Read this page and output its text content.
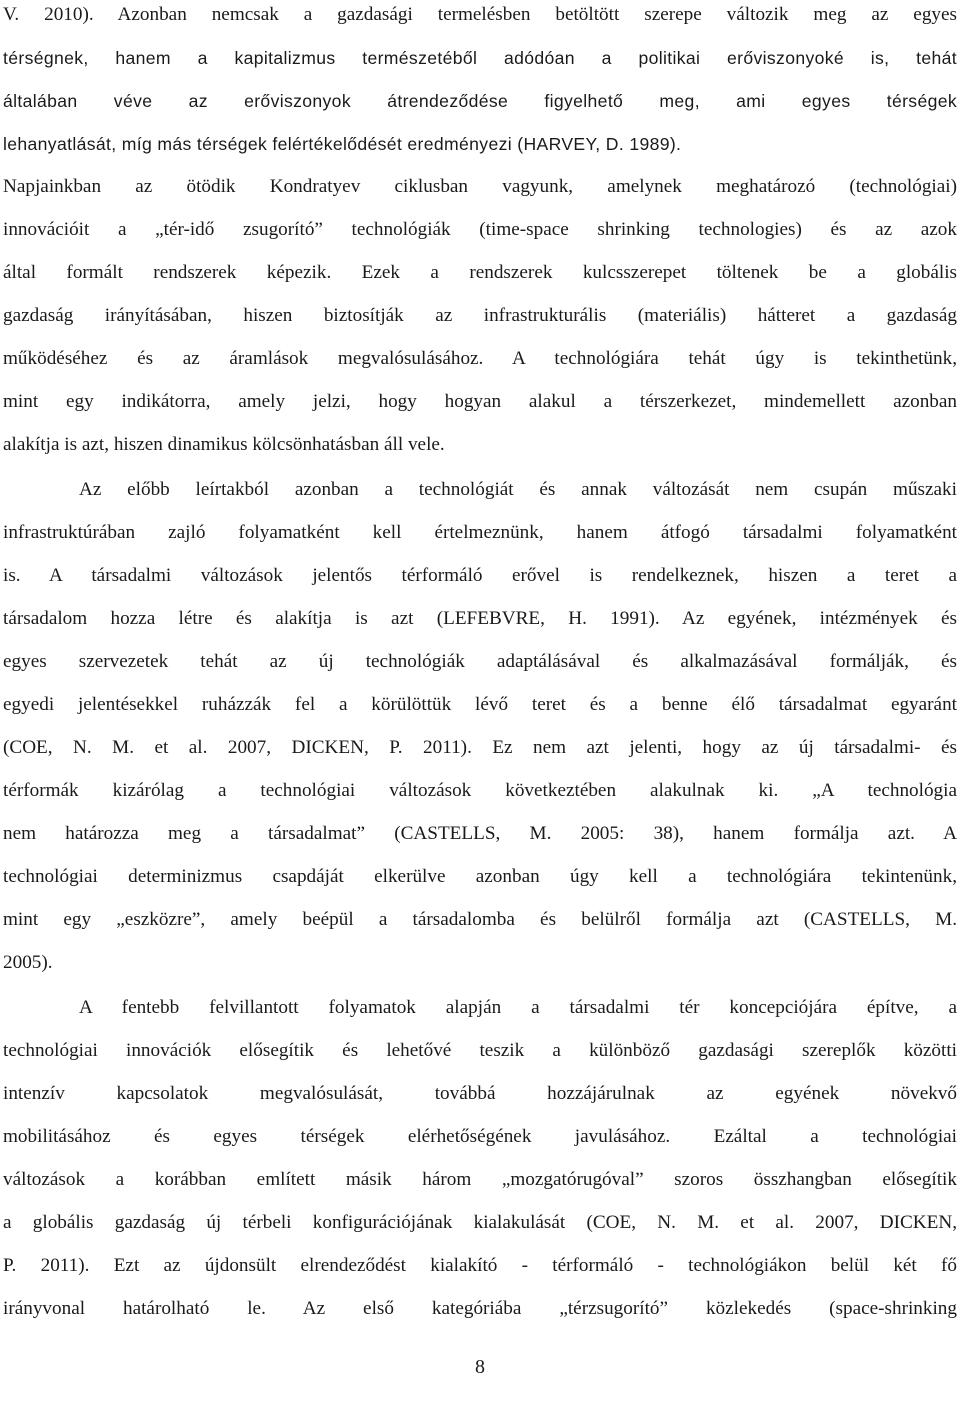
V. 2010). Azonban nemcsak a gazdasági termelésben betöltött szerepe változik meg az egyes
térségnek, hanem a kapitalizmus természetéből adódóan a politikai erőviszonyoké is, tehát
általában véve az erőviszonyok átrendeződése figyelhető meg, ami egyes térségek
lehanyatlását, míg más térségek felértékelődését eredményezi (HARVEY, D. 1989).
Napjainkban az ötödik Kondratyev ciklusban vagyunk, amelynek meghatározó (technológiai)
innovációit a „tér-idő zsugorító” technológiák (time-space shrinking technologies) és az azok
által formált rendszerek képezik. Ezek a rendszerek kulcsszerepet töltenek be a globális
gazdaság irányításában, hiszen biztosítják az infrastrukturális (materiális) hátteret a gazdaság
működéséhez és az áramlások megvalósulásához. A technológiára tehát úgy is tekinthetünk,
mint egy indikátorra, amely jelzi, hogy hogyan alakul a térszerkezet, mindemellett azonban
alakítja is azt, hiszen dinamikus kölcsönhatásban áll vele.
Az előbb leírtakból azonban a technológiát és annak változását nem csupán műszaki
infrastruktúrában zajló folyamatként kell értelmeznünk, hanem átfogó társadalmi folyamatként
is. A társadalmi változások jelentős térformáló erővel is rendelkeznek, hiszen a teret a
társadalom hozza létre és alakítja is azt (LEFEBVRE, H. 1991). Az egyének, intézmények és
egyes szervezetek tehát az új technológiák adaptálásával és alkalmazásával formálják, és
egyedi jelentésekkel ruházzák fel a körülöttük lévő teret és a benne élő társadalmat egyaránt
(COE, N. M. et al. 2007, DICKEN, P. 2011). Ez nem azt jelenti, hogy az új társadalmi- és
térformák kizárólag a technológiai változások következtében alakulnak ki. „A technológia
nem határozza meg a társadalmat” (CASTELLS, M. 2005: 38), hanem formálja azt. A
technológiai determinizmus csapdáját elkerülve azonban úgy kell a technológiára tekintenünk,
mint egy „eszközre”, amely beépül a társadalomba és belülről formálja azt (CASTELLS, M.
2005).
A fentebb felvillantott folyamatok alapján a társadalmi tér koncepciójára építve, a
technológiai innovációk elősegítik és lehetővé teszik a különböző gazdasági szereplők közötti
intenzív kapcsolatok megvalósulását, továbbá hozzájárulnak az egyének növekvő
mobilitásához és egyes térségek elérhetőségének javulásához. Ezáltal a technológiai
változások a korábban említett másik három „mozgatórugóval” szoros összhangban elősegítik
a globális gazdaság új térbeli konfigurációjának kialakulását (COE, N. M. et al. 2007, DICKEN,
P. 2011). Ezt az újdonsült elrendeződést kialakító - térformáló - technológiákon belül két fő
irányvonal határolható le. Az első kategóriába „térzsugorító” közlekedés (space-shrinking
8
